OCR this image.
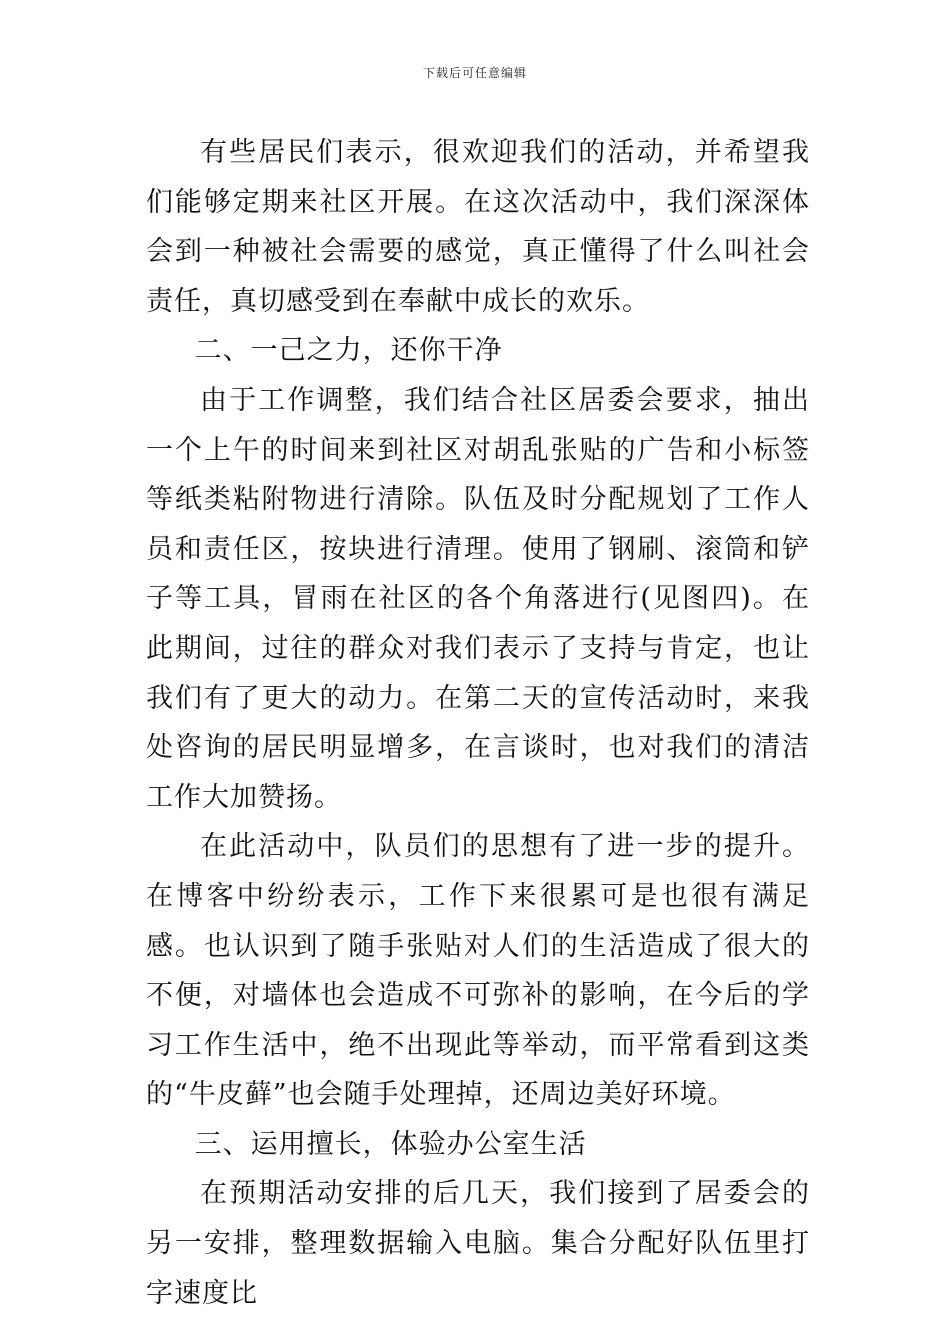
下载后可任意编辑

有些居民们表示，很欢迎我们的活动，并希望我们能够定期来社区开展。在这次活动中，我们深深体会到一种被社会需要的感觉，真正懂得了什么叫社会责任，真切感受到在奉献中成长的欢乐。

二、一己之力，还你干净

由于工作调整，我们结合社区居委会要求，抽出一个上午的时间来到社区对胡乱张贴的广告和小标签等纸类粘附物进行清除。队伍及时分配规划了工作人员和责任区，按块进行清理。使用了钢刷、滚筒和铲子等工具，冒雨在社区的各个角落进行(见图四)。在此期间，过往的群众对我们表示了支持与肯定，也让我们有了更大的动力。在第二天的宣传活动时，来我处咨询的居民明显增多，在言谈时，也对我们的清洁工作大加赞扬。

在此活动中，队员们的思想有了进一步的提升。在博客中纷纷表示，工作下来很累可是也很有满足感。也认识到了随手张贴对人们的生活造成了很大的不便，对墙体也会造成不可弥补的影响，在今后的学习工作生活中，绝不出现此等举动，而平常看到这类的“牛皮藓”也会随手处理掉，还周边美好环境。

三、运用擅长，体验办公室生活

在预期活动安排的后几天，我们接到了居委会的另一安排，整理数据输入电脑。集合分配好队伍里打字速度比
